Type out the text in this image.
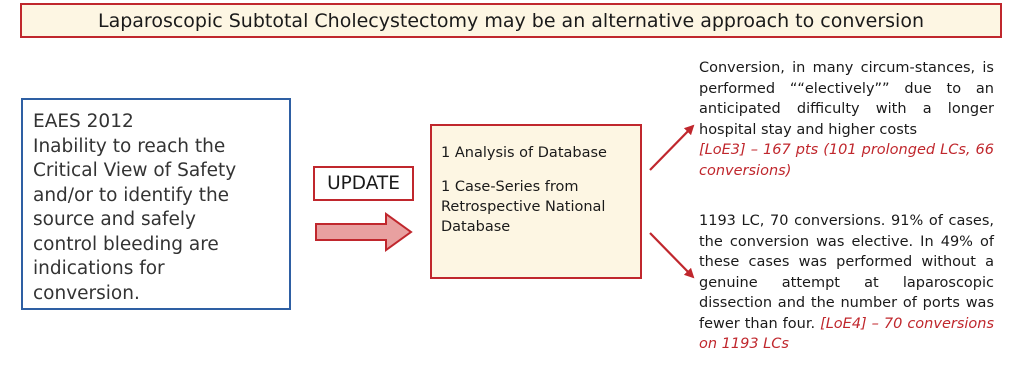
Laparoscopic Subtotal Cholecystectomy may be an alternative approach to conversion
EAES 2012
Inability to reach the
Critical View of Safety
and/or to identify the
source and safely
control bleeding are
indications for
conversion.
UPDATE
1 Analysis of Database
1 Case-Series from Retrospective National Database
Conversion, in many circum-stances, is performed ““electively”” due to an anticipated difficulty with a longer hospital stay and higher costs
[LoE3] – 167 pts (101 prolonged LCs, 66 conversions)
1193 LC, 70 conversions. 91% of cases, the conversion was elective. In 49% of these cases was performed without a genuine attempt at laparoscopic dissection and the number of ports was fewer than four. [LoE4] – 70 conversions on 1193 LCs
